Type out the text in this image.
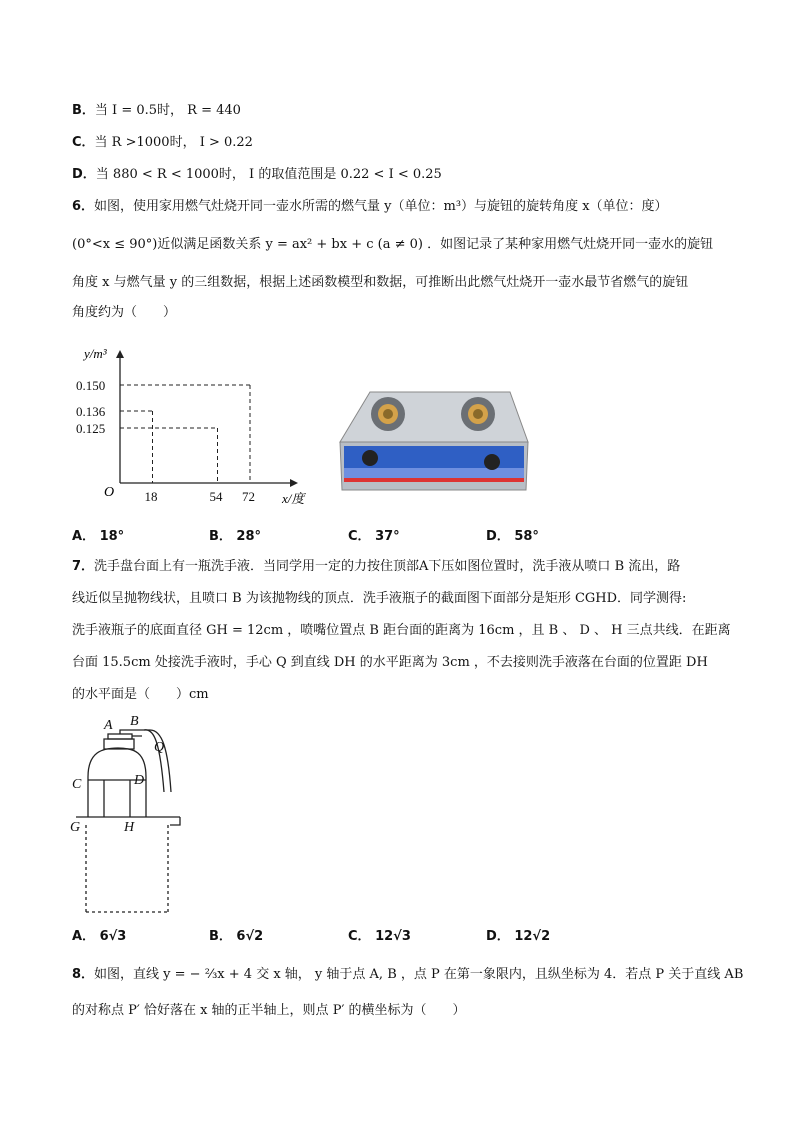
B．当 I = 0.5时， R = 440
C．当 R >1000时， I > 0.22
D．当 880 < R < 1000时， I 的取值范围是 0.22 < I < 0.25
6．如图，使用家用燃气灶烧开同一壶水所需的燃气量 y（单位：m³）与旋钮的旋转角度 x（单位：度）
(0°<x ≤ 90°)近似满足函数关系 y = ax² + bx + c (a ≠ 0) ．如图记录了某种家用燃气灶烧开同一壶水的旋钮
角度 x 与燃气量 y 的三组数据，根据上述函数模型和数据，可推断出此燃气灶烧开一壶水最节省燃气的旋钮
角度约为（　　）
y/m³
x/度
O 18	54 72
0.150
0.136
0.125
A． 18°	B． 28°	C． 37°	D． 58°
7．洗手盘台面上有一瓶洗手液．当同学用一定的力按住顶部A下压如图位置时，洗手液从喷口 B 流出，路
线近似呈抛物线状，且喷口 B 为该抛物线的顶点．洗手液瓶子的截面图下面部分是矩形 CGHD．同学测得:
洗手液瓶子的底面直径 GH = 12cm ，喷嘴位置点 B 距台面的距离为 16cm ，且 B 、 D 、 H 三点共线．在距离
台面 15.5cm 处接洗手液时，手心 Q 到直线 DH 的水平距离为 3cm ，不去接则洗手液落在台面的位置距 DH
的水平面是（　　）cm
A B
Q
C	D
G	H
A． 6√3	B． 6√2	C． 12√3	D． 12√2
8．如图，直线 y = − ⅔x + 4 交 x 轴， y 轴于点 A, B ，点 P 在第一象限内，且纵坐标为 4．若点 P 关于直线 AB
的对称点 P′ 恰好落在 x 轴的正半轴上，则点 P′ 的横坐标为（　　）
